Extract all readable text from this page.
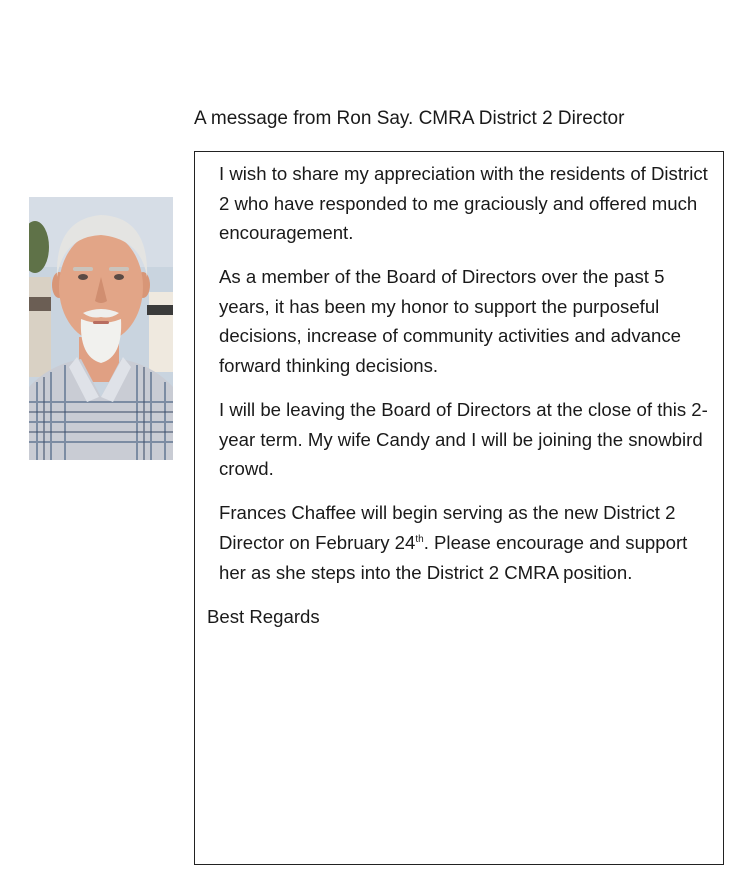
A message from Ron Say. CMRA District 2 Director

I wish to share my appreciation with the residents of District 2 who have responded to me graciously and offered much encouragement.

As a member of the Board of Directors over the past 5 years, it has been my honor to support the purposeful decisions, increase of community activities and advance forward thinking decisions.

I will be leaving the Board of Directors at the close of this 2-year term. My wife Candy and I will be joining the snowbird crowd.

Frances Chaffee will begin serving as the new District 2 Director on February 24th. Please encourage and support her as she steps into the District 2 CMRA position.

Best Regards
